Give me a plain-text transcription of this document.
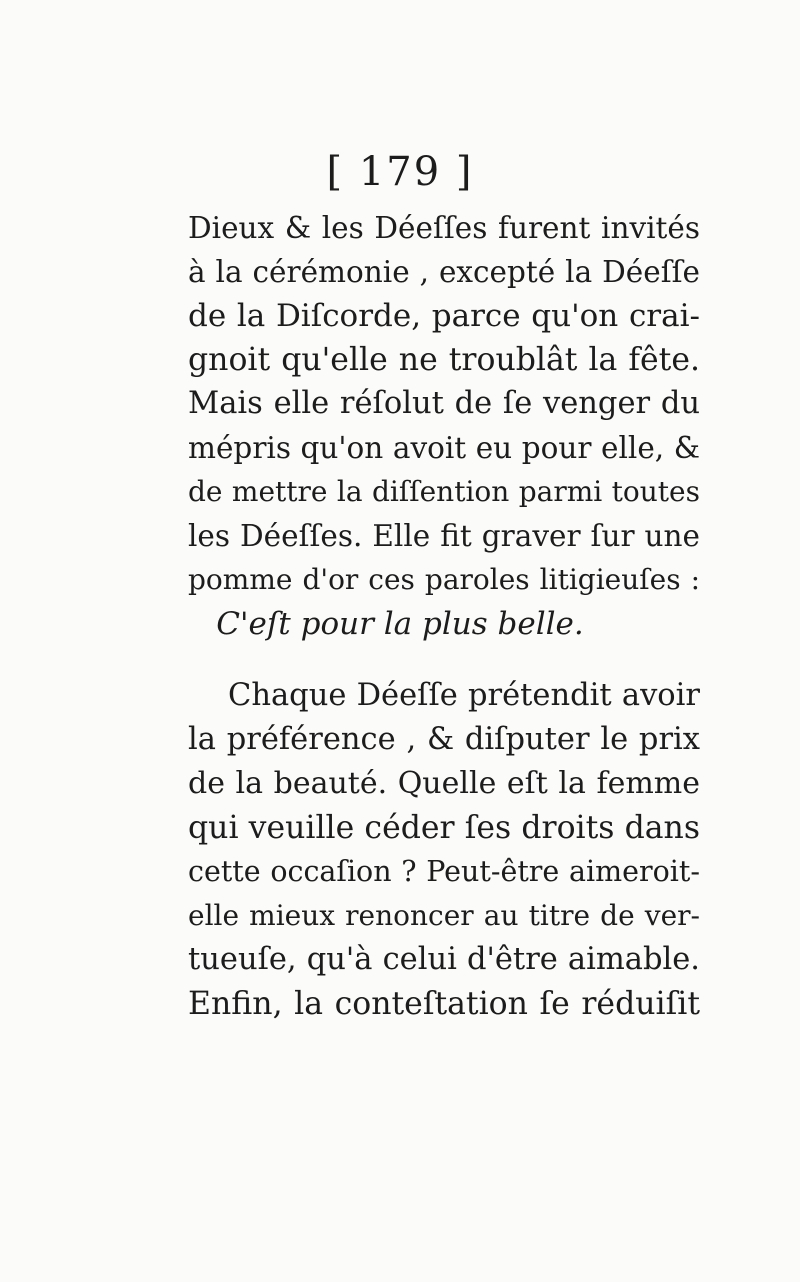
[ 179 ]
Dieux & les Déeſſes furent invités
à la cérémonie , excepté la Déeſſe
de la Diſcorde, parce qu'on crai-
gnoit qu'elle ne troublât la fête.
Mais elle réſolut de ſe venger du
mépris qu'on avoit eu pour elle, &
de mettre la diſſention parmi toutes
les Déeſſes. Elle fit graver ſur une
pomme d'or ces paroles litigieuſes :
C'eſt pour la plus belle.
Chaque Déeſſe prétendit avoir
la préférence , & diſputer le prix
de la beauté. Quelle eſt la femme
qui veuille céder ſes droits dans
cette occaſion ? Peut-être aimeroit-
elle mieux renoncer au titre de ver-
tueuſe, qu'à celui d'être aimable.
Enfin, la conteſtation ſe réduiſit
